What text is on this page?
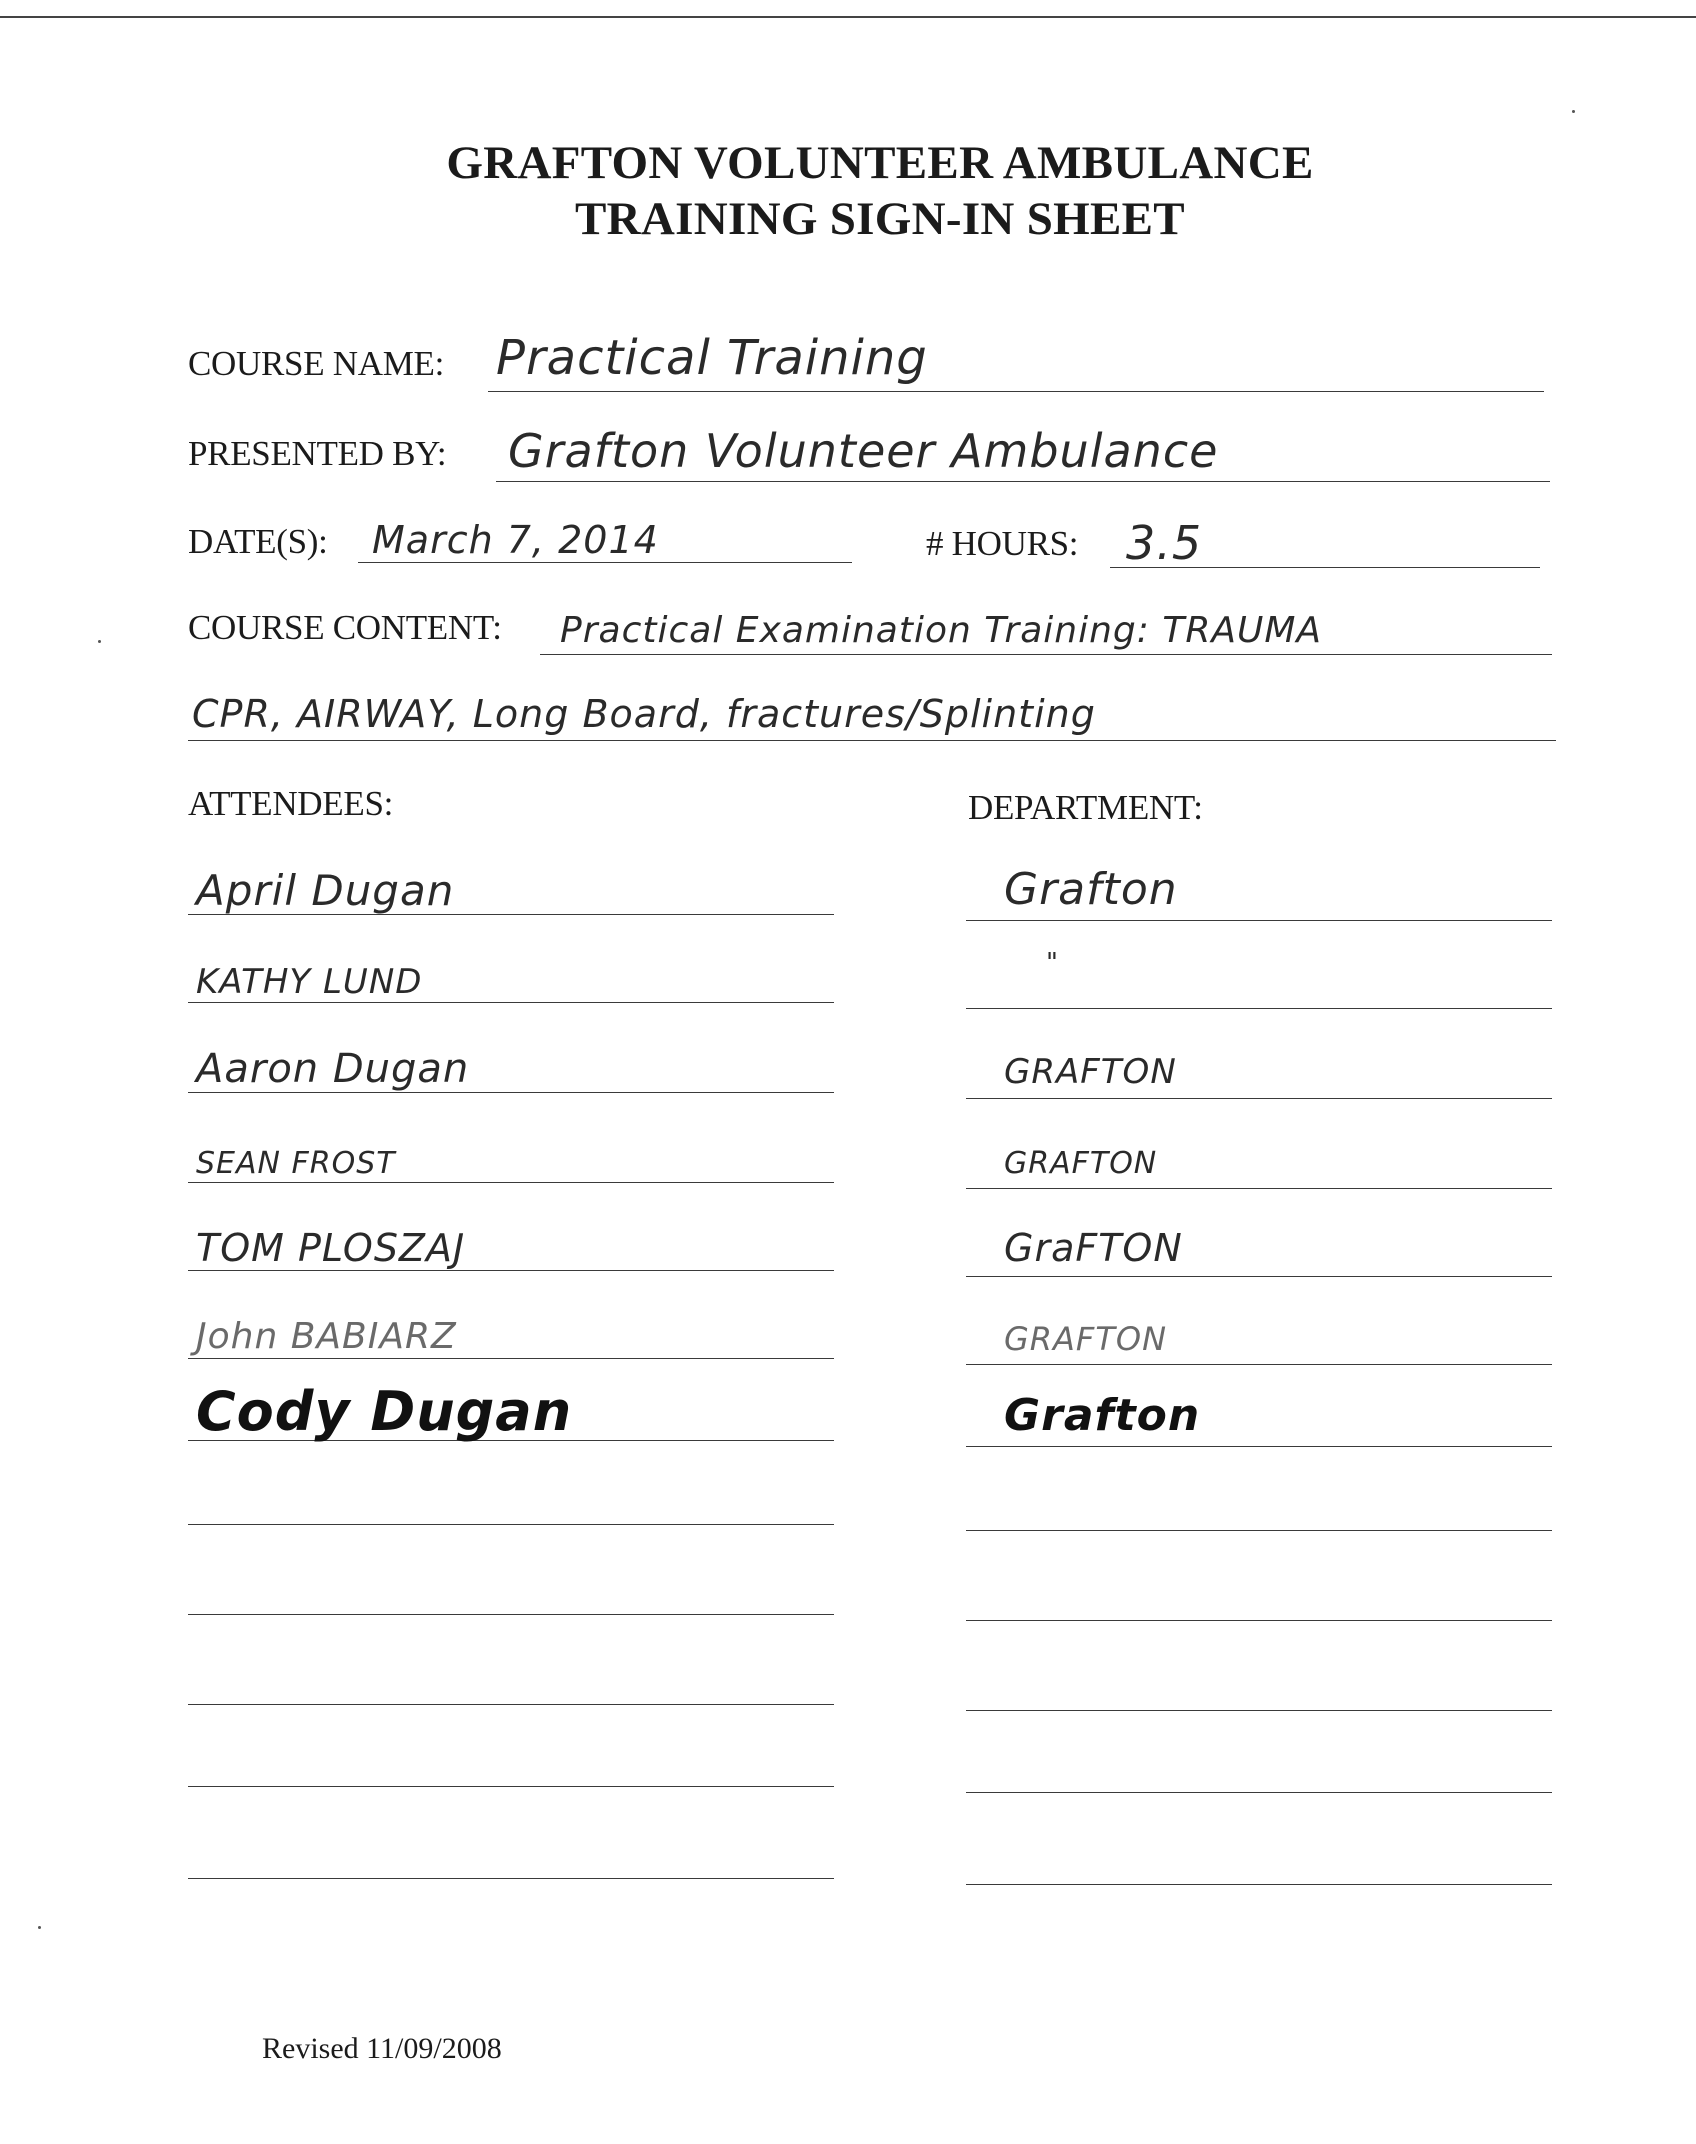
GRAFTON VOLUNTEER AMBULANCE
TRAINING SIGN-IN SHEET
COURSE NAME: Practical Training
PRESENTED BY: Grafton Volunteer Ambulance
DATE(S): March 7, 2014	# HOURS: 3.5
COURSE CONTENT: Practical Examination Training: TRAUMA
CPR, AIRWAY, Long Board, fractures/Splinting
ATTENDEES:	DEPARTMENT:
April Dugan	Grafton
KATHY LUND	"
Aaron Dugan	GRAFTON
SEAN FROST	GRAFTON
TOM PLOSZAJ	GraFTON
John BABIARZ	GRAFTON
Cody Dugan	Grafton
Revised 11/09/2008
